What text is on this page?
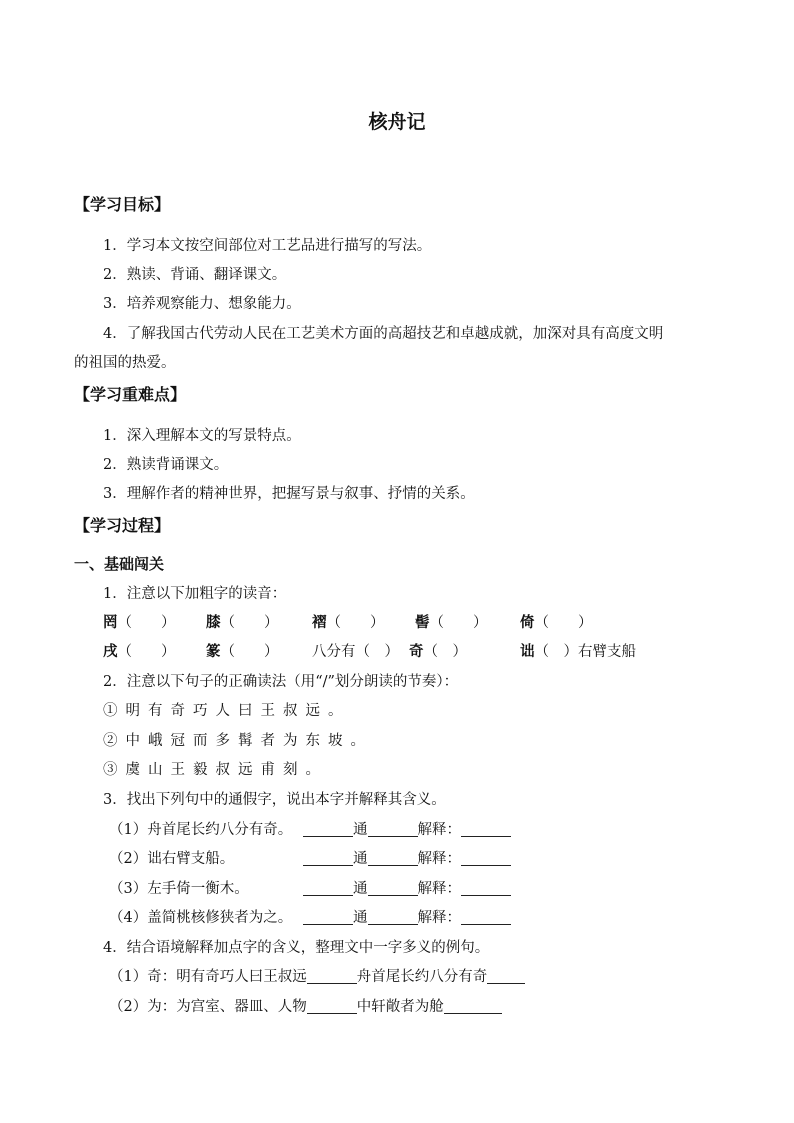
核舟记
【学习目标】
1．学习本文按空间部位对工艺品进行描写的写法。
2．熟读、背诵、翻译课文。
3．培养观察能力、想象能力。
4．了解我国古代劳动人民在工艺美术方面的高超技艺和卓越成就，加深对具有高度文明
的祖国的热爱。
【学习重难点】
1．深入理解本文的写景特点。
2．熟读背诵课文。
3．理解作者的精神世界，把握写景与叙事、抒情的关系。
【学习过程】
一、基础闯关
1．注意以下加粗字的读音：
罔（　　） 膝（　　） 褶（　　） 髻（　　） 倚（　　）
戌（　　） 篆（　　） 八分有（　） 奇（　）	诎（　）右臂支船
2．注意以下句子的正确读法（用“/”划分朗读的节奏）：
①明有奇巧人曰王叔远。
②中峨冠而多髯者为东坡。
③虞山王毅叔远甫刻。
3．找出下列句中的通假字，说出本字并解释其含义。
（1）舟首尾长约八分有奇。	通	解释：
（2）诎右臂支船。	通	解释：
（3）左手倚一衡木。	通	解释：
（4）盖简桃核修狭者为之。	通	解释：
4．结合语境解释加点字的含义，整理文中一字多义的例句。
（1）奇：明有奇巧人曰王叔远	舟首尾长约八分有奇
（2）为：为宫室、器皿、人物	中轩敞者为舱
